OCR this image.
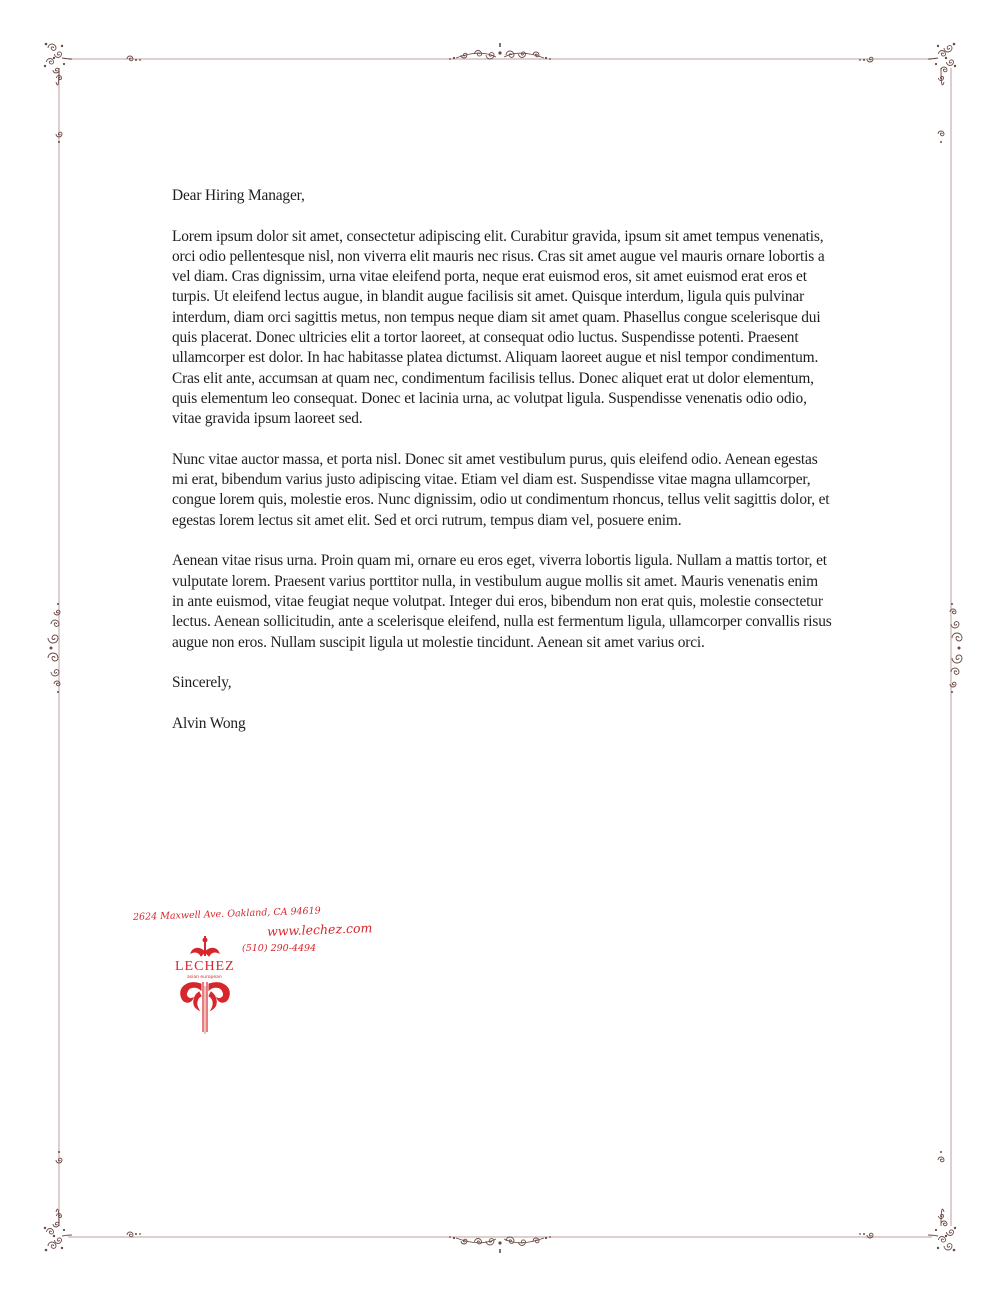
Dear Hiring Manager,

Lorem ipsum dolor sit amet, consectetur adipiscing elit. Curabitur gravida, ipsum sit amet tempus venenatis, orci odio pellentesque nisl, non viverra elit mauris nec risus. Cras sit amet augue vel mauris ornare lobortis a vel diam. Cras dignissim, urna vitae eleifend porta, neque erat euismod eros, sit amet euismod erat eros et turpis. Ut eleifend lectus augue, in blandit augue facilisis sit amet. Quisque interdum, ligula quis pulvinar interdum, diam orci sagittis metus, non tempus neque diam sit amet quam. Phasellus congue scelerisque dui quis placerat. Donec ultricies elit a tortor laoreet, at consequat odio luctus. Suspendisse potenti. Praesent ullamcorper est dolor. In hac habitasse platea dictumst. Aliquam laoreet augue et nisl tempor condimentum. Cras elit ante, accumsan at quam nec, condimentum facilisis tellus. Donec aliquet erat ut dolor elementum, quis elementum leo consequat. Donec et lacinia urna, ac volutpat ligula. Suspendisse venenatis odio odio, vitae gravida ipsum laoreet sed.

Nunc vitae auctor massa, et porta nisl. Donec sit amet vestibulum purus, quis eleifend odio. Aenean egestas mi erat, bibendum varius justo adipiscing vitae. Etiam vel diam est. Suspendisse vitae magna ullamcorper, congue lorem quis, molestie eros. Nunc dignissim, odio ut condimentum rhoncus, tellus velit sagittis dolor, et egestas lorem lectus sit amet elit. Sed et orci rutrum, tempus diam vel, posuere enim.

Aenean vitae risus urna. Proin quam mi, ornare eu eros eget, viverra lobortis ligula. Nullam a mattis tortor, et vulputate lorem. Praesent varius porttitor nulla, in vestibulum augue mollis sit amet. Mauris venenatis enim in ante euismod, vitae feugiat neque volutpat. Integer dui eros, bibendum non erat quis, molestie consectetur lectus. Aenean sollicitudin, ante a scelerisque eleifend, nulla est fermentum ligula, ullamcorper convallis risus augue non eros. Nullam suscipit ligula ut molestie tincidunt. Aenean sit amet varius orci.

Sincerely,

Alvin Wong

2624 Maxwell Ave. Oakland, CA 94619
www.lechez.com
(510) 290-4494
LECHEZ
asian european
